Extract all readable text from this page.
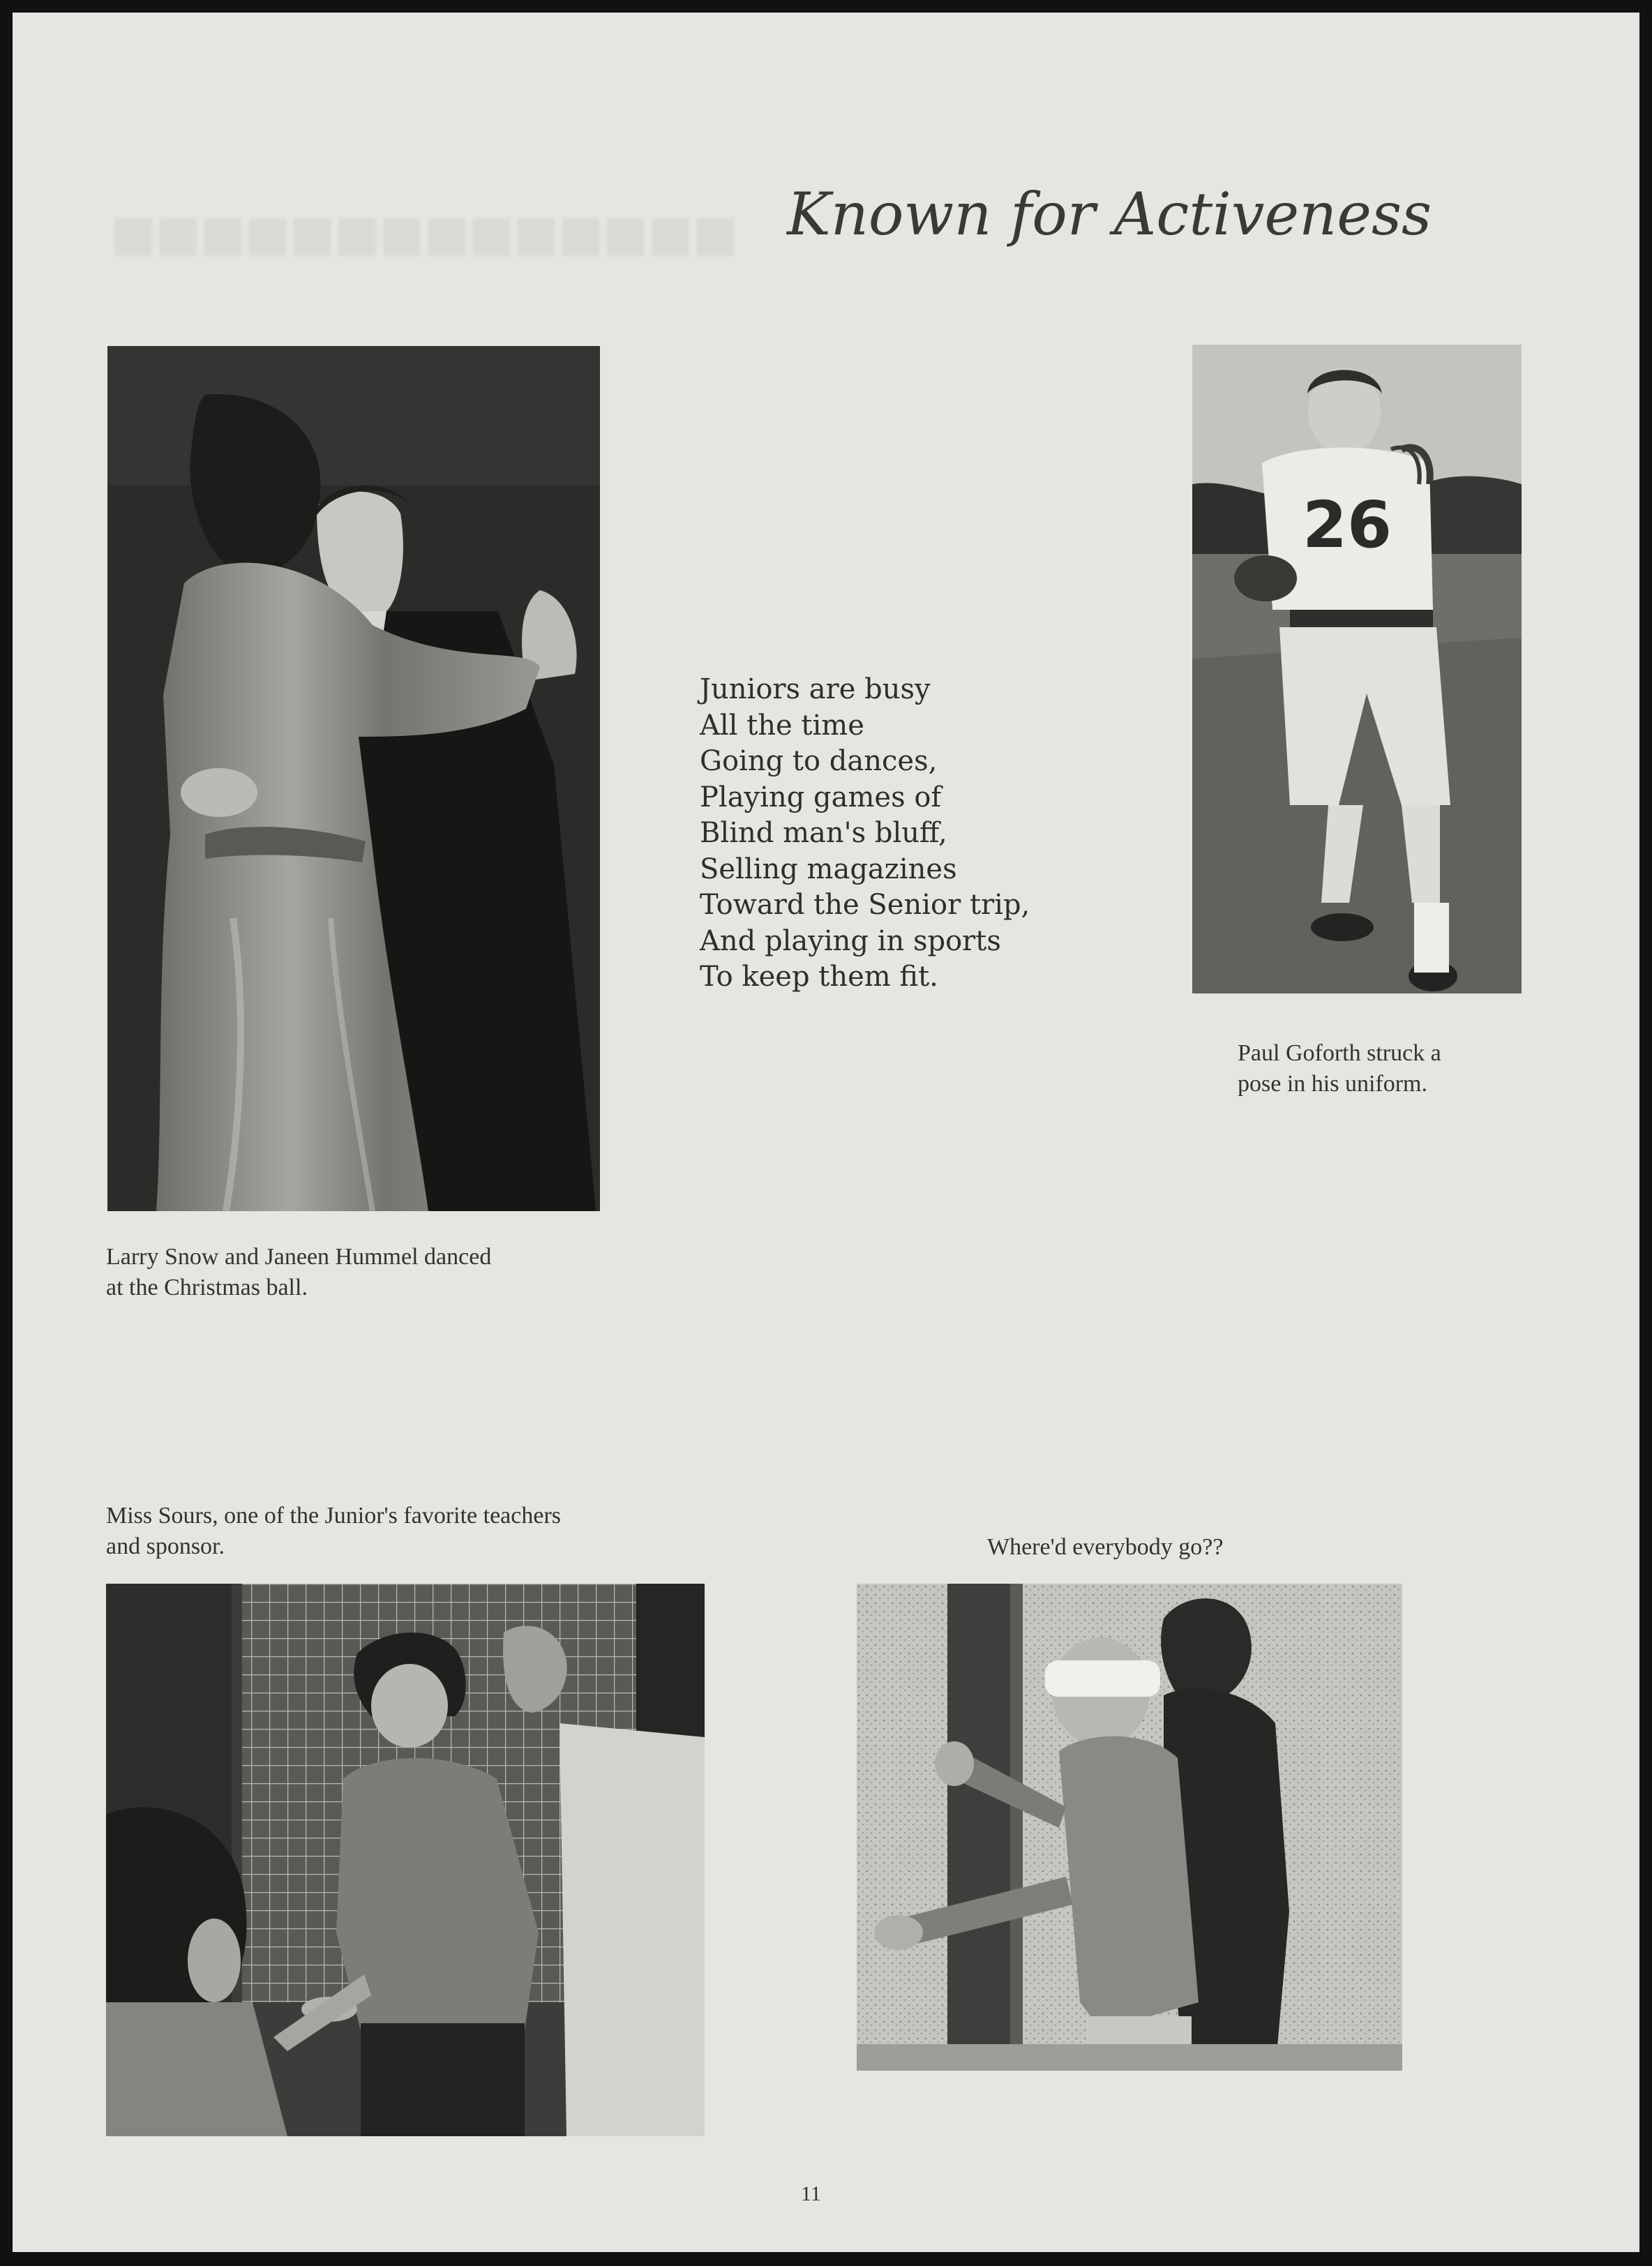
■■■■■■■■■■■■■■ Known for Activeness
Larry Snow and Janeen Hummel danced
at the Christmas ball.
Juniors are busy
All the time
Going to dances,
Playing games of
Blind man's bluff,
Selling magazines
Toward the Senior trip,
And playing in sports
To keep them fit.
26
Paul Goforth struck a
pose in his uniform.
Miss Sours, one of the Junior's favorite teachers
and sponsor.	Where'd everybody go??
11
